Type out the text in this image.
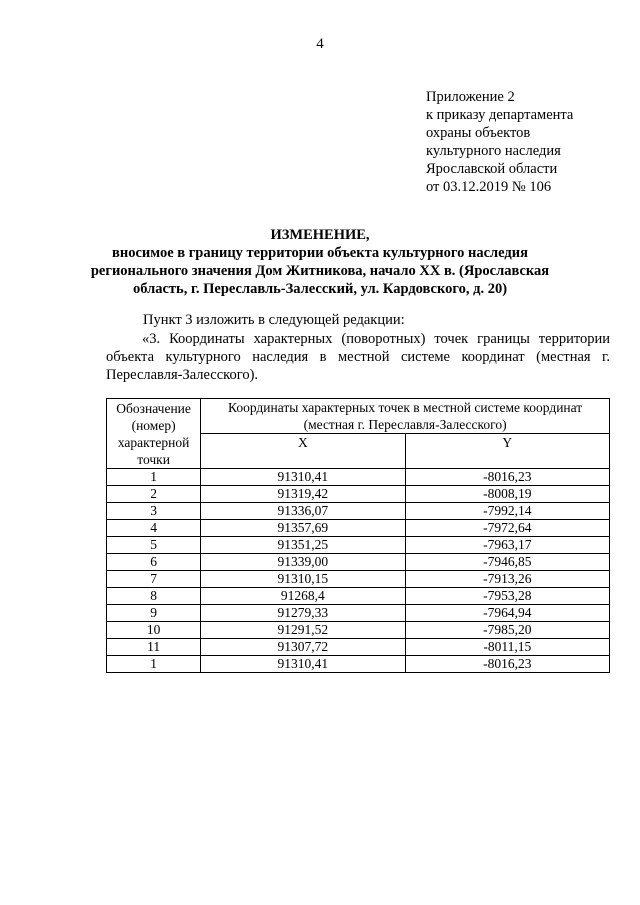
4
Приложение 2
к приказу департамента
охраны объектов
культурного наследия
Ярославской области
от 03.12.2019 № 106
ИЗМЕНЕНИЕ,
вносимое в границу территории объекта культурного наследия
регионального значения Дом Житникова, начало XX в. (Ярославская
область, г. Переславль-Залесский, ул. Кардовского, д. 20)
Пункт 3 изложить в следующей редакции:
«3. Координаты характерных (поворотных) точек границы территории объекта культурного наследия в местной системе координат (местная г. Переславля-Залесского).
Обозначение (номер) характерной точки	Координаты характерных точек в местной системе координат (местная г. Переславля-Залесского)	
	X	Y
1	91310,41	-8016,23
2	91319,42	-8008,19
3	91336,07	-7992,14
4	91357,69	-7972,64
5	91351,25	-7963,17
6	91339,00	-7946,85
7	91310,15	-7913,26
8	91268,4	-7953,28
9	91279,33	-7964,94
10	91291,52	-7985,20
11	91307,72	-8011,15
1	91310,41	-8016,23
